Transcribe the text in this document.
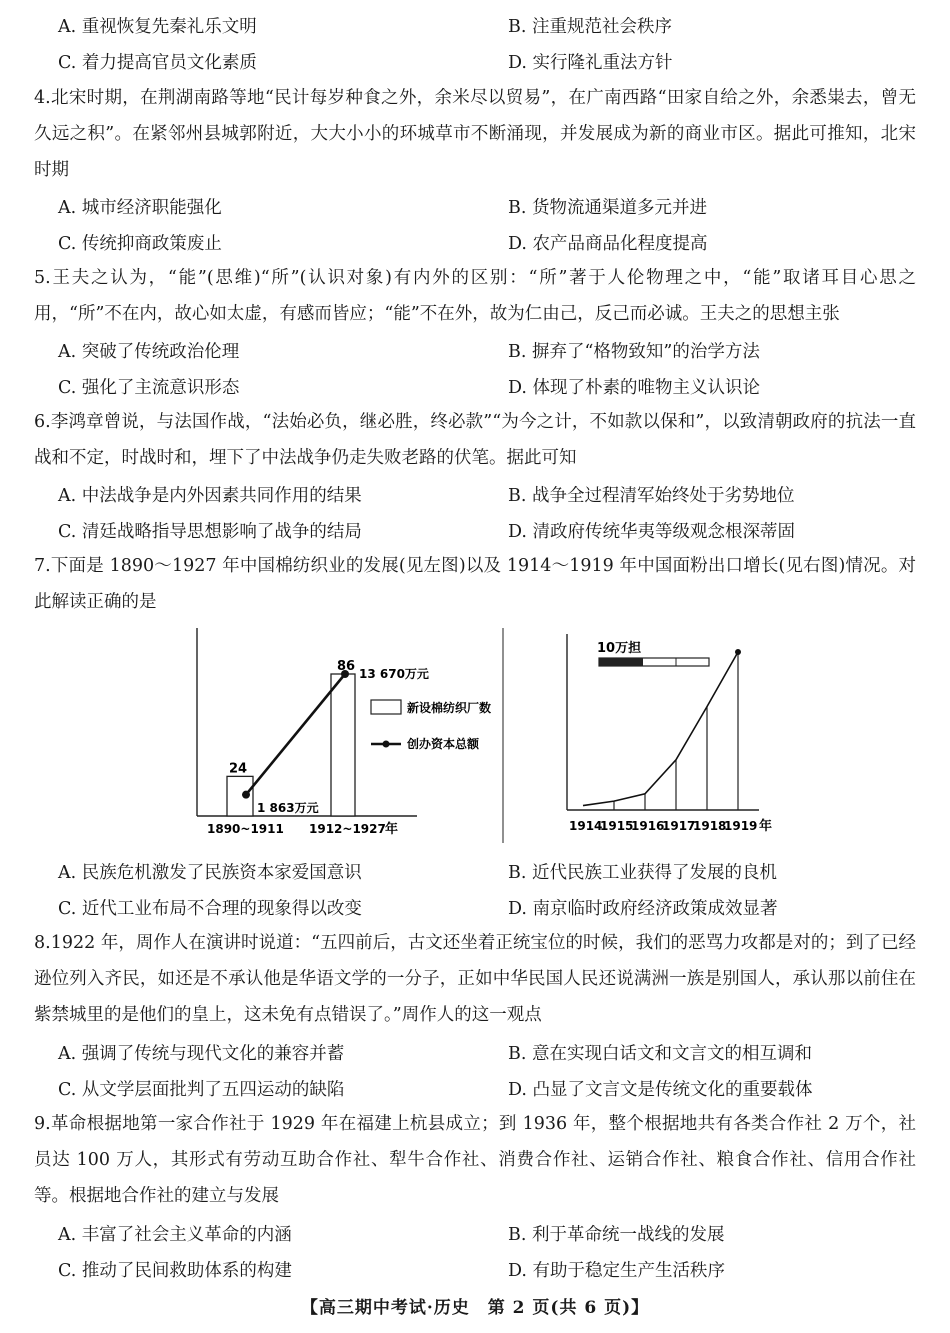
A. 重视恢复先秦礼乐文明	B. 注重规范社会秩序
C. 着力提高官员文化素质	D. 实行隆礼重法方针
4.北宋时期，在荆湖南路等地“民计每岁种食之外，余米尽以贸易”，在广南西路“田家自给之外，余悉粜去，曾无久远之积”。在紧邻州县城郭附近，大大小小的环城草市不断涌现，并发展成为新的商业市区。据此可推知，北宋时期
A. 城市经济职能强化	B. 货物流通渠道多元并进
C. 传统抑商政策废止	D. 农产品商品化程度提高
5.王夫之认为，“能”(思维)“所”(认识对象)有内外的区别：“所”著于人伦物理之中，“能”取诸耳目心思之用，“所”不在内，故心如太虚，有感而皆应；“能”不在外，故为仁由己，反己而必诚。王夫之的思想主张
A. 突破了传统政治伦理	B. 摒弃了“格物致知”的治学方法
C. 强化了主流意识形态	D. 体现了朴素的唯物主义认识论
6.李鸿章曾说，与法国作战，“法始必负，继必胜，终必款”“为今之计，不如款以保和”，以致清朝政府的抗法一直战和不定，时战时和，埋下了中法战争仍走失败老路的伏笔。据此可知
A. 中法战争是内外因素共同作用的结果	B. 战争全过程清军始终处于劣势地位
C. 清廷战略指导思想影响了战争的结局	D. 清政府传统华夷等级观念根深蒂固
7.下面是 1890～1927 年中国棉纺织业的发展(见左图)以及 1914～1919 年中国面粉出口增长(见右图)情况。对此解读正确的是
24
86
1 863万元
13 670万元
1890~1911 1912~1927 年
新设棉纺织厂数
创办资本总额
10万担
1914
1915
1916
1917
1918
1919 年
A. 民族危机激发了民族资本家爱国意识	B. 近代民族工业获得了发展的良机
C. 近代工业布局不合理的现象得以改变	D. 南京临时政府经济政策成效显著
8.1922 年，周作人在演讲时说道：“五四前后，古文还坐着正统宝位的时候，我们的恶骂力攻都是对的；到了已经逊位列入齐民，如还是不承认他是华语文学的一分子，正如中华民国人民还说满洲一族是别国人，承认那以前住在紫禁城里的是他们的皇上，这未免有点错误了。”周作人的这一观点
A. 强调了传统与现代文化的兼容并蓄	B. 意在实现白话文和文言文的相互调和
C. 从文学层面批判了五四运动的缺陷	D. 凸显了文言文是传统文化的重要载体
9.革命根据地第一家合作社于 1929 年在福建上杭县成立；到 1936 年，整个根据地共有各类合作社 2 万个，社员达 100 万人，其形式有劳动互助合作社、犁牛合作社、消费合作社、运销合作社、粮食合作社、信用合作社等。根据地合作社的建立与发展
A. 丰富了社会主义革命的内涵	B. 利于革命统一战线的发展
C. 推动了民间救助体系的构建	D. 有助于稳定生产生活秩序
【高三期中考试·历史　第 2 页(共 6 页)】
